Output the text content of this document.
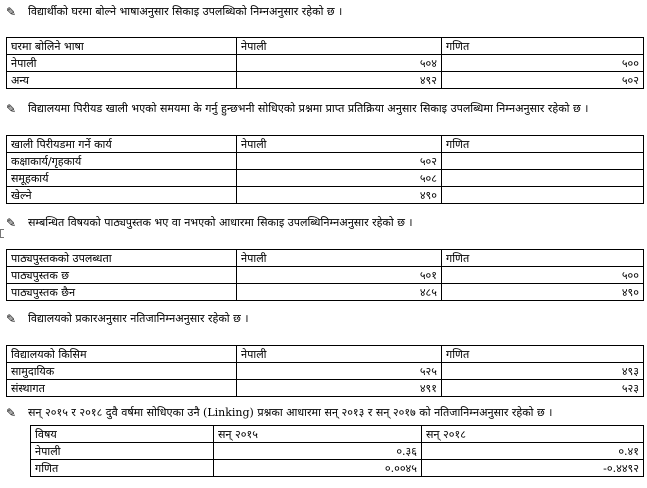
✎	विद्यार्थीको घरमा बोल्ने भाषाअनुसार सिकाइ उपलब्धिको निम्नअनुसार रहेको छ ।
घरमा बोलिने भाषा	नेपाली	गणित
नेपाली	५०४	५००
अन्य	४९२	५०२
✎	विद्यालयमा पिरीयड खाली भएको समयमा के गर्नु हुन्छभनी सोधिएको प्रश्नमा प्राप्त प्रतिक्रिया अनुसार सिकाइ उपलब्धिमा निम्नअनुसार रहेको छ ।
खाली पिरीयडमा गर्ने कार्य	नेपाली	गणित
कक्षाकार्य/गृहकार्य	५०२	
समूहकार्य	५०८	
खेल्ने	४९०	
✎	सम्बन्धित विषयको पाठ्यपुस्तक भए वा नभएको आधारमा सिकाइ उपलब्धिनिम्नअनुसार रहेको छ ।
पाठ्यपुस्तकको उपलब्धता	नेपाली	गणित
पाठ्यपुस्तक छ	५०१	५००
पाठ्यपुस्तक छैन	४८५	४९०
✎	विद्यालयको प्रकारअनुसार नतिजानिम्नअनुसार रहेको छ ।
विद्यालयको किसिम	नेपाली	गणित
सामुदायिक	५२५	४९३
संस्थागत	४९१	५२३
✎	सन् २०१५ र २०१८ दुवै वर्षमा सोधिएका उनै (Linking) प्रश्नका आधारमा सन् २०१३ र सन् २०१७ को नतिजानिम्नअनुसार रहेको छ ।
विषय	सन् २०१५	सन् २०१८
नेपाली	०.३६	०.४१
गणित	०.००४५	-०.४४९२
